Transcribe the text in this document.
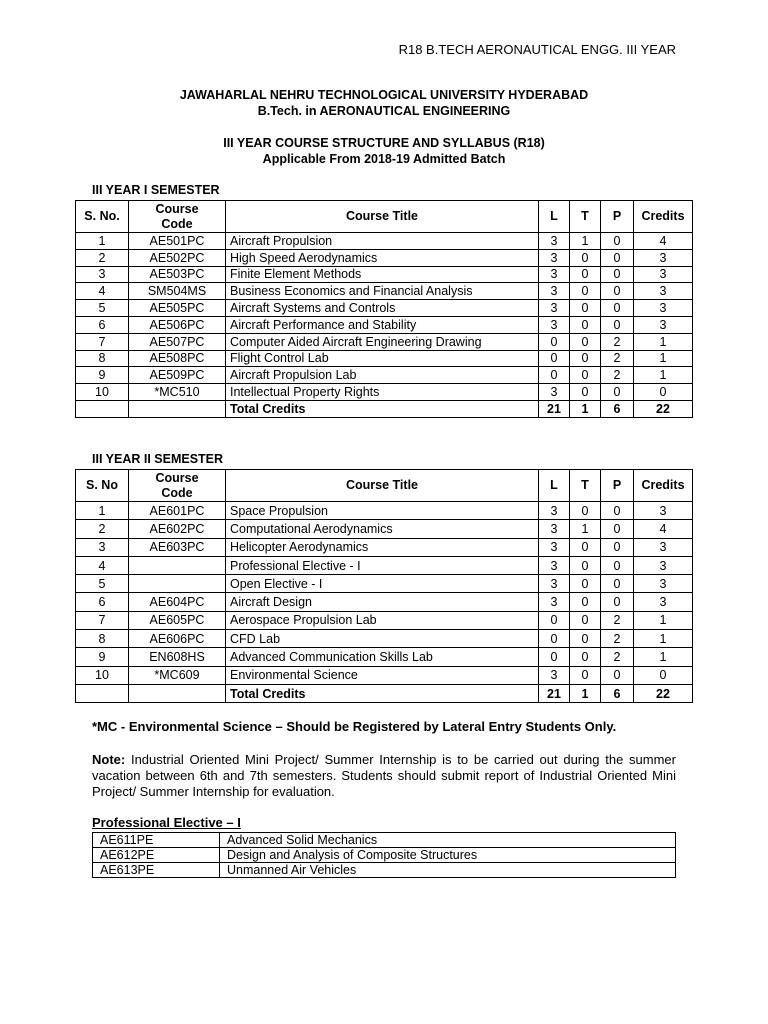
R18 B.TECH AERONAUTICAL ENGG. III YEAR
JAWAHARLAL NEHRU TECHNOLOGICAL UNIVERSITY HYDERABAD
B.Tech. in AERONAUTICAL ENGINEERING
III YEAR COURSE STRUCTURE AND SYLLABUS (R18)
Applicable From 2018-19 Admitted Batch
III YEAR I SEMESTER
S. No.	Course Code	Course Title	L	T	P	Credits
1	AE501PC	Aircraft Propulsion	3	1	0	4
2	AE502PC	High Speed Aerodynamics	3	0	0	3
3	AE503PC	Finite Element Methods	3	0	0	3
4	SM504MS	Business Economics and Financial Analysis	3	0	0	3
5	AE505PC	Aircraft Systems and Controls	3	0	0	3
6	AE506PC	Aircraft Performance and Stability	3	0	0	3
7	AE507PC	Computer Aided Aircraft Engineering Drawing	0	0	2	1
8	AE508PC	Flight Control Lab	0	0	2	1
9	AE509PC	Aircraft Propulsion Lab	0	0	2	1
10	*MC510	Intellectual Property Rights	3	0	0	0
		Total Credits	21	1	6	22
III YEAR II SEMESTER
S. No	Course Code	Course Title	L	T	P	Credits
1	AE601PC	Space Propulsion	3	0	0	3
2	AE602PC	Computational Aerodynamics	3	1	0	4
3	AE603PC	Helicopter Aerodynamics	3	0	0	3
4		Professional Elective - I	3	0	0	3
5		Open Elective - I	3	0	0	3
6	AE604PC	Aircraft Design	3	0	0	3
7	AE605PC	Aerospace Propulsion Lab	0	0	2	1
8	AE606PC	CFD Lab	0	0	2	1
9	EN608HS	Advanced Communication Skills Lab	0	0	2	1
10	*MC609	Environmental Science	3	0	0	0
		Total Credits	21	1	6	22
*MC - Environmental Science – Should be Registered by Lateral Entry Students Only.
Note: Industrial Oriented Mini Project/ Summer Internship is to be carried out during the summer vacation between 6th and 7th semesters. Students should submit report of Industrial Oriented Mini Project/ Summer Internship for evaluation.
Professional Elective – I
AE611PE	Advanced Solid Mechanics
AE612PE	Design and Analysis of Composite Structures
AE613PE	Unmanned Air Vehicles
